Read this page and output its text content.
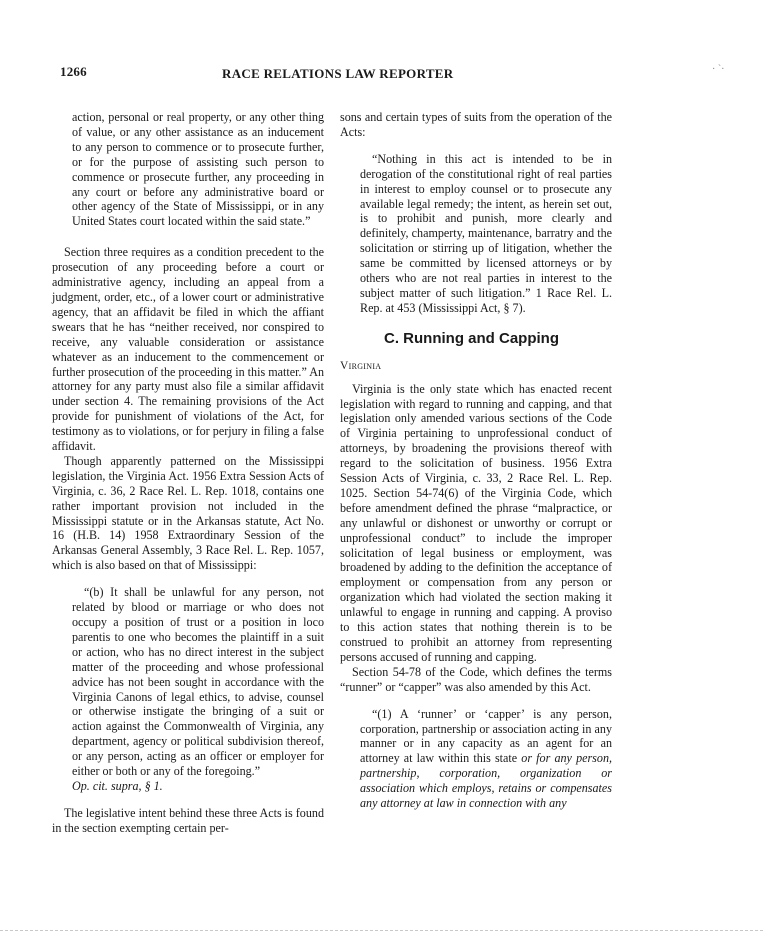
1266	RACE RELATIONS LAW REPORTER	· `·

action, personal or real property, or any other thing of value, or any other assistance as an inducement to any person to commence or to prosecute further, or for the purpose of assisting such person to commence or prosecute further, any proceeding in any court or before any administrative board or other agency of the State of Mississippi, or in any United States court located within the said state.”

Section three requires as a condition precedent to the prosecution of any proceeding before a court or administrative agency, including an appeal from a judgment, order, etc., of a lower court or administrative agency, that an affidavit be filed in which the affiant swears that he has “neither received, nor conspired to receive, any valuable consideration or assistance whatever as an inducement to the commencement or further prosecution of the proceeding in this matter.” An attorney for any party must also file a similar affidavit under section 4. The remaining provisions of the Act provide for punishment of violations of the Act, for testimony as to violations, or for perjury in filing a false affidavit.

Though apparently patterned on the Mississippi legislation, the Virginia Act. 1956 Extra Session Acts of Virginia, c. 36, 2 Race Rel. L. Rep. 1018, contains one rather important provision not included in the Mississippi statute or in the Arkansas statute, Act No. 16 (H.B. 14) 1958 Extraordinary Session of the Arkansas General Assembly, 3 Race Rel. L. Rep. 1057, which is also based on that of Mississippi:

“(b) It shall be unlawful for any person, not related by blood or marriage or who does not occupy a position of trust or a position in loco parentis to one who becomes the plaintiff in a suit or action, who has no direct interest in the subject matter of the proceeding and whose professional advice has not been sought in accordance with the Virginia Canons of legal ethics, to advise, counsel or otherwise instigate the bringing of a suit or action against the Commonwealth of Virginia, any department, agency or political subdivision thereof, or any person, acting as an officer or employer for either or both or any of the foregoing.”

Op. cit. supra, § 1.

The legislative intent behind these three Acts is found in the section exempting certain per-

sons and certain types of suits from the operation of the Acts:

“Nothing in this act is intended to be in derogation of the constitutional right of real parties in interest to employ counsel or to prosecute any available legal remedy; the intent, as herein set out, is to prohibit and punish, more clearly and definitely, champerty, maintenance, barratry and the solicitation or stirring up of litigation, whether the same be committed by licensed attorneys or by others who are not real parties in interest to the subject matter of such litigation.” 1 Race Rel. L. Rep. at 453 (Mississippi Act, § 7).

C. Running and Capping

Virginia

Virginia is the only state which has enacted recent legislation with regard to running and capping, and that legislation only amended various sections of the Code of Virginia pertaining to unprofessional conduct of attorneys, by broadening the provisions thereof with regard to the solicitation of business. 1956 Extra Session Acts of Virginia, c. 33, 2 Race Rel. L. Rep. 1025. Section 54-74(6) of the Virginia Code, which before amendment defined the phrase “malpractice, or any unlawful or dishonest or unworthy or corrupt or unprofessional conduct” to include the improper solicitation of legal business or employment, was broadened by adding to the definition the acceptance of employment or compensation from any person or organization which had violated the section making it unlawful to engage in running and capping. A proviso to this action states that nothing therein is to be construed to prohibit an attorney from representing persons accused of running and capping.

Section 54-78 of the Code, which defines the terms “runner” or “capper” was also amended by this Act.

“(1) A ‘runner’ or ‘capper’ is any person, corporation, partnership or association acting in any manner or in any capacity as an agent for an attorney at law within this state or for any person, partnership, corporation, organization or association which employs, retains or compensates any attorney at law in connection with any
